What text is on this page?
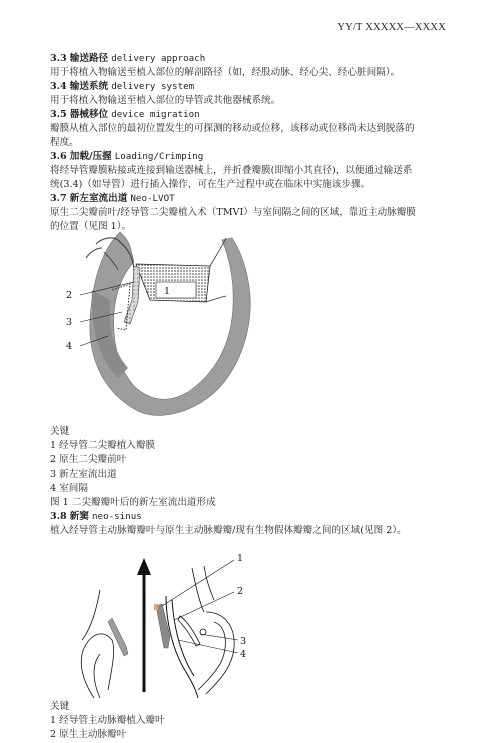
YY/T XXXXX—XXXX
3.3 输送路径 delivery approach
用于将植入物输送至植入部位的解剖路径（如，经股动脉、经心尖、经心脏间隔）。
3.4 输送系统 delivery system
用于将植入物输送至植入部位的导管或其他器械系统。
3.5 器械移位 device migration
瓣膜从植入部位的最初位置发生的可探测的移动或位移，该移动或位移尚未达到脱落的
程度。
3.6 加载/压握 Loading/Crimping
将经导管瓣膜粘接或连接到输送器械上，并折叠瓣膜(即缩小其直径)，以便通过输送系
统(3.4)（如导管）进行插入操作，可在生产过程中或在临床中实施该步骤。
3.7 新左室流出道 Neo-LVOT
原生二尖瓣前叶/经导管二尖瓣植入术（TMVI）与室间隔之间的区域，靠近主动脉瓣膜
的位置（见图 1）。
1
2
3
4
关键
1 经导管二尖瓣植入瓣膜
2 原生二尖瓣前叶
3 新左室流出道
4 室间隔
图 1 二尖瓣瓣叶后的新左室流出道形成
3.8 新窦 neo-sinus
植入经导管主动脉瓣瓣叶与原生主动脉瓣瓣/现有生物假体瓣瓣之间的区域(见图 2）。
1
2
3
4
关键
1 经导管主动脉瓣植入瓣叶
2 原生主动脉瓣叶
